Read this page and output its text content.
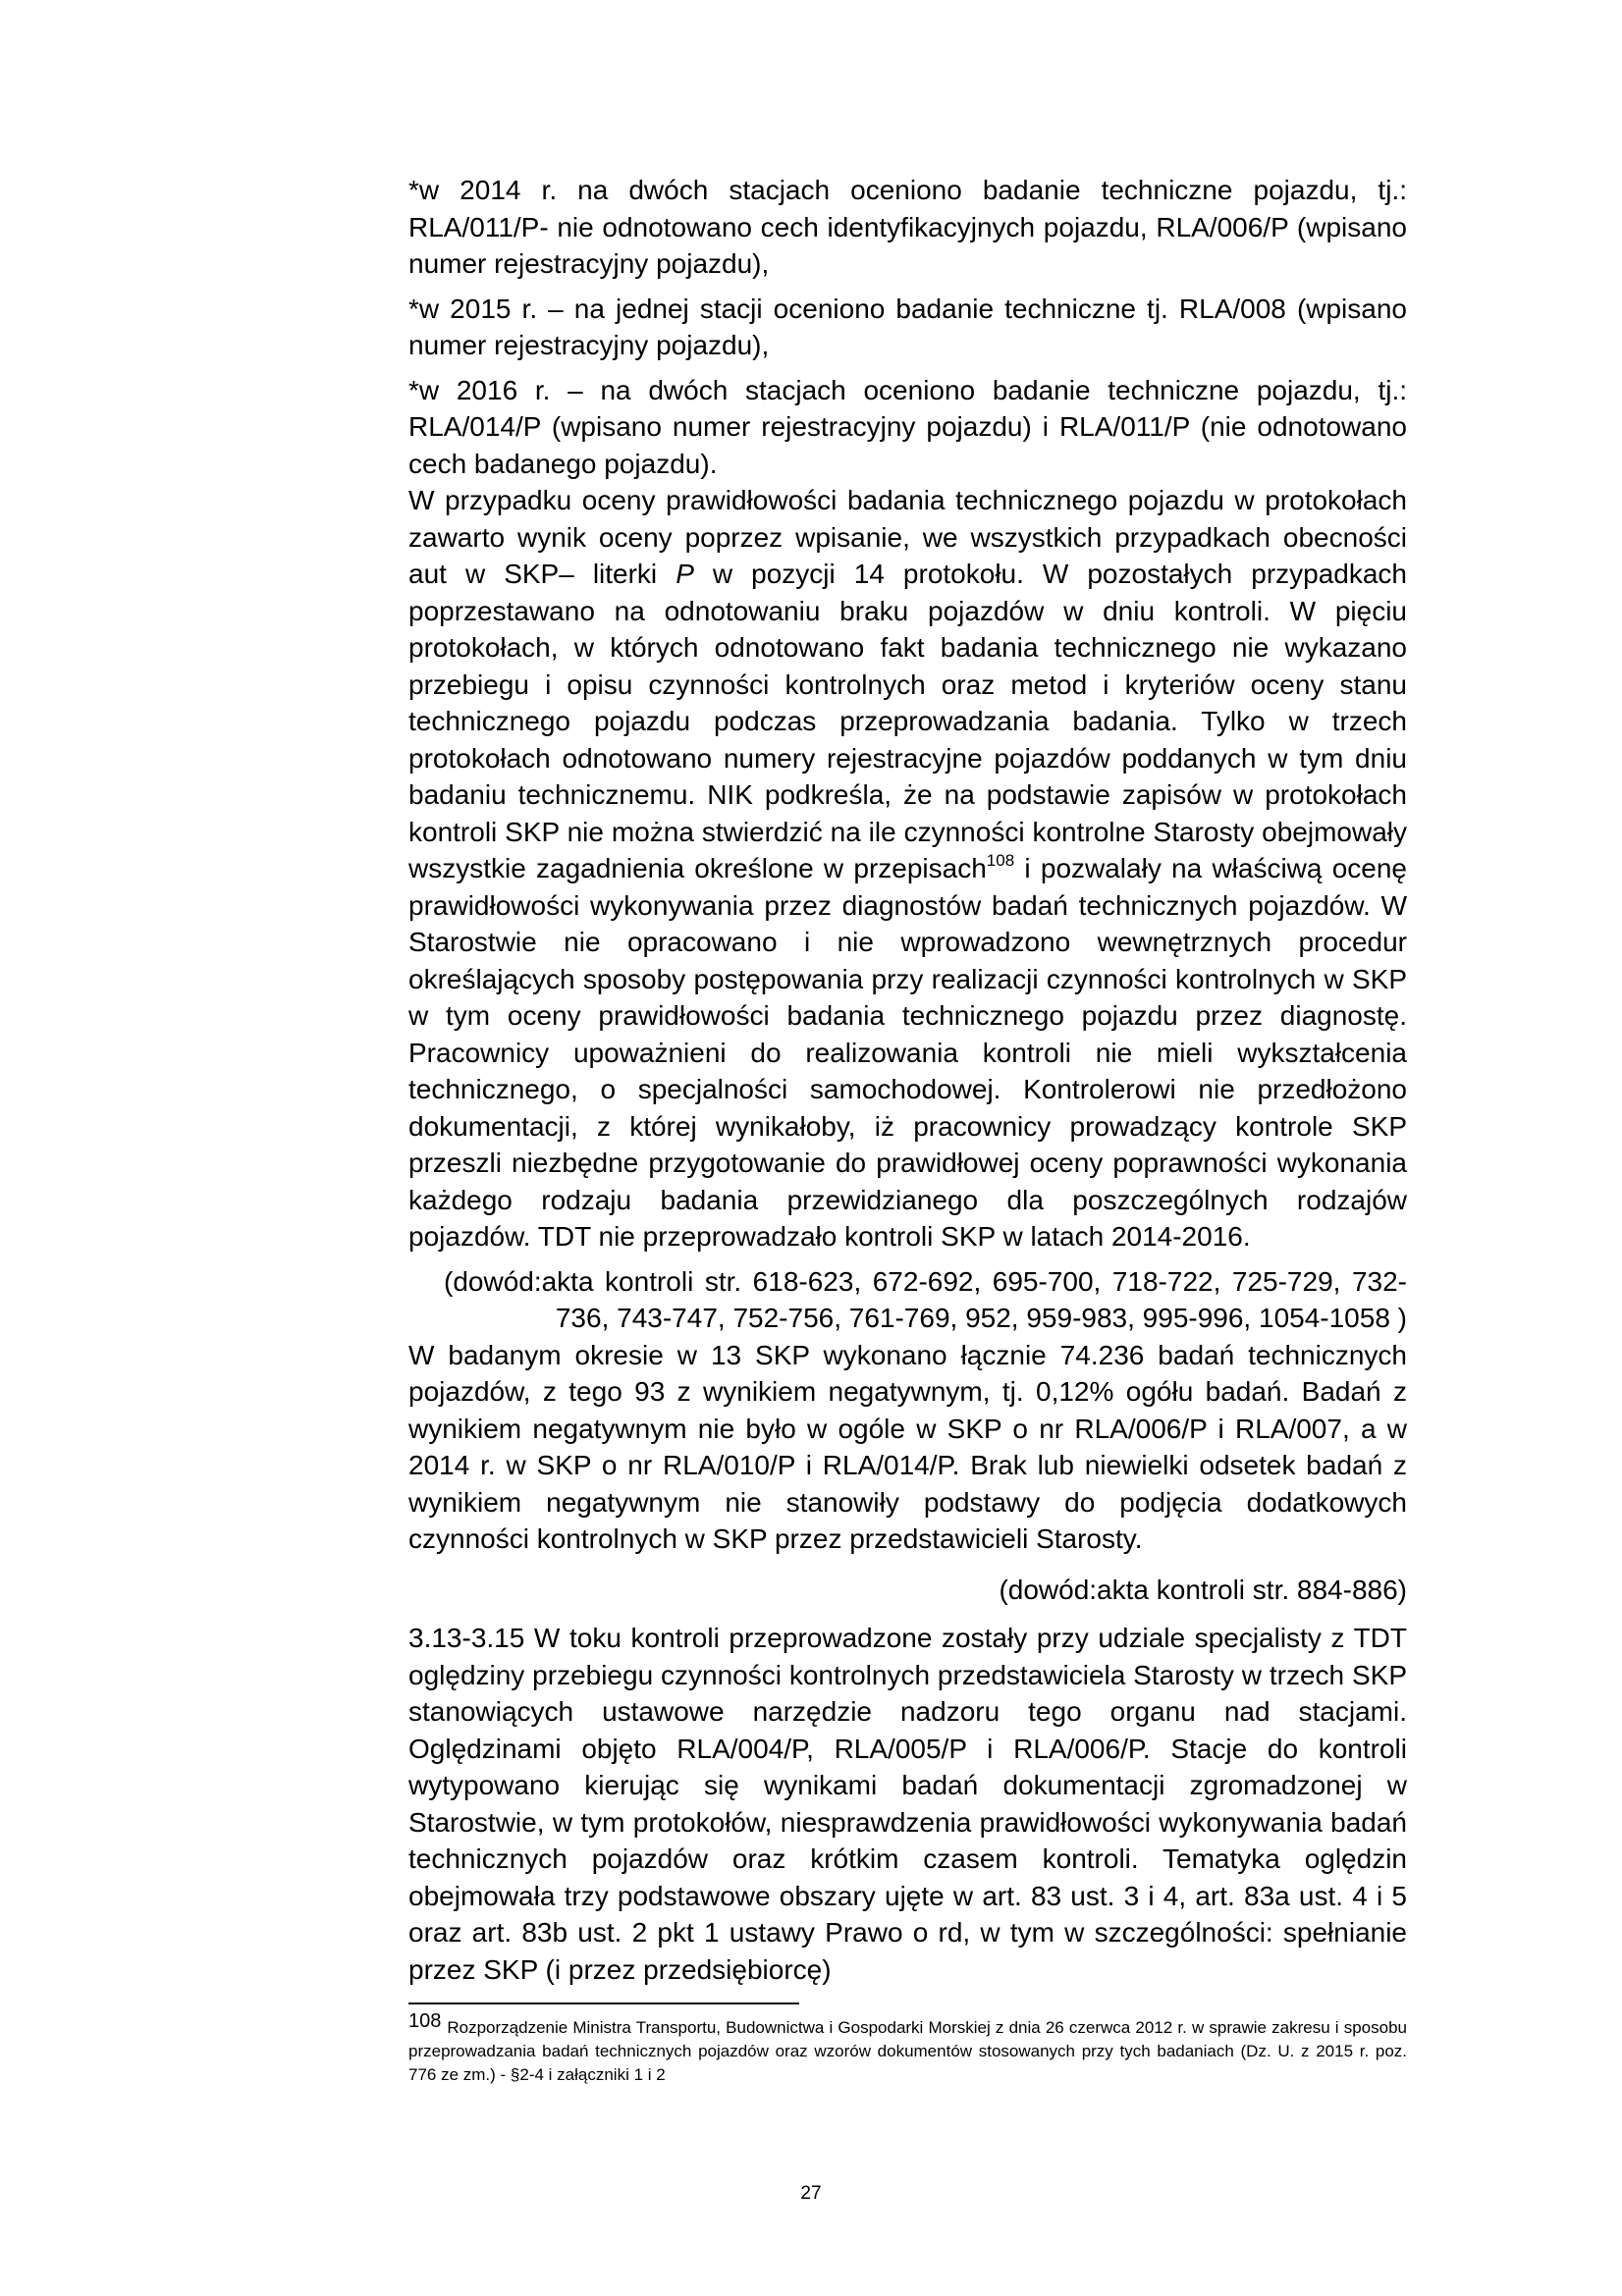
*w 2014 r. na dwóch stacjach oceniono badanie techniczne pojazdu, tj.: RLA/011/P- nie odnotowano cech identyfikacyjnych pojazdu, RLA/006/P (wpisano numer rejestracyjny pojazdu),

*w 2015 r. – na jednej stacji oceniono badanie techniczne tj. RLA/008 (wpisano numer rejestracyjny pojazdu),

*w 2016 r. – na dwóch stacjach oceniono badanie techniczne pojazdu, tj.: RLA/014/P (wpisano numer rejestracyjny pojazdu) i RLA/011/P (nie odnotowano cech badanego pojazdu).

W przypadku oceny prawidłowości badania technicznego pojazdu w protokołach zawarto wynik oceny poprzez wpisanie, we wszystkich przypadkach obecności aut w SKP– literki P w pozycji 14 protokołu. W pozostałych przypadkach poprzestawano na odnotowaniu braku pojazdów w dniu kontroli. W pięciu protokołach, w których odnotowano fakt badania technicznego nie wykazano przebiegu i opisu czynności kontrolnych oraz metod i kryteriów oceny stanu technicznego pojazdu podczas przeprowadzania badania. Tylko w trzech protokołach odnotowano numery rejestracyjne pojazdów poddanych w tym dniu badaniu technicznemu. NIK podkreśla, że na podstawie zapisów w protokołach kontroli SKP nie można stwierdzić na ile czynności kontrolne Starosty obejmowały wszystkie zagadnienia określone w przepisach$^{108}$ i pozwalały na właściwą ocenę prawidłowości wykonywania przez diagnostów badań technicznych pojazdów. W Starostwie nie opracowano i nie wprowadzono wewnętrznych procedur określających sposoby postępowania przy realizacji czynności kontrolnych w SKP w tym oceny prawidłowości badania technicznego pojazdu przez diagnostę. Pracownicy upoważnieni do realizowania kontroli nie mieli wykształcenia technicznego, o specjalności samochodowej. Kontrolerowi nie przedłożono dokumentacji, z której wynikałoby, iż pracownicy prowadzący kontrole SKP przeszli niezbędne przygotowanie do prawidłowej oceny poprawności wykonania każdego rodzaju badania przewidzianego dla poszczególnych rodzajów pojazdów. TDT nie przeprowadzało kontroli SKP w latach 2014-2016.

(dowód:akta kontroli str. 618-623, 672-692, 695-700, 718-722, 725-729, 732-736, 743-747, 752-756, 761-769, 952, 959-983, 995-996, 1054-1058 )

W badanym okresie w 13 SKP wykonano łącznie 74.236 badań technicznych pojazdów, z tego 93 z wynikiem negatywnym, tj. 0,12% ogółu badań. Badań z wynikiem negatywnym nie było w ogóle w SKP o nr RLA/006/P i RLA/007, a w 2014 r. w SKP o nr RLA/010/P i RLA/014/P. Brak lub niewielki odsetek badań z wynikiem negatywnym nie stanowiły podstawy do podjęcia dodatkowych czynności kontrolnych w SKP przez przedstawicieli Starosty.

(dowód:akta kontroli str. 884-886)

3.13-3.15 W toku kontroli przeprowadzone zostały przy udziale specjalisty z TDT oględziny przebiegu czynności kontrolnych przedstawiciela Starosty w trzech SKP stanowiących ustawowe narzędzie nadzoru tego organu nad stacjami. Oględzinami objęto RLA/004/P, RLA/005/P i RLA/006/P. Stacje do kontroli wytypowano kierując się wynikami badań dokumentacji zgromadzonej w Starostwie, w tym protokołów, niesprawdzenia prawidłowości wykonywania badań technicznych pojazdów oraz krótkim czasem kontroli. Tematyka oględzin obejmowała trzy podstawowe obszary ujęte w art. 83 ust. 3 i 4, art. 83a ust. 4 i 5 oraz art. 83b ust. 2 pkt 1 ustawy Prawo o rd, w tym w szczególności: spełnianie przez SKP (i przez przedsiębiorcę)

$^{108}$ Rozporządzenie Ministra Transportu, Budownictwa i Gospodarki Morskiej z dnia 26 czerwca 2012 r. w sprawie zakresu i sposobu przeprowadzania badań technicznych pojazdów oraz wzorów dokumentów stosowanych przy tych badaniach (Dz. U. z 2015 r. poz. 776 ze zm.) - §2-4 i załączniki 1 i 2
27
